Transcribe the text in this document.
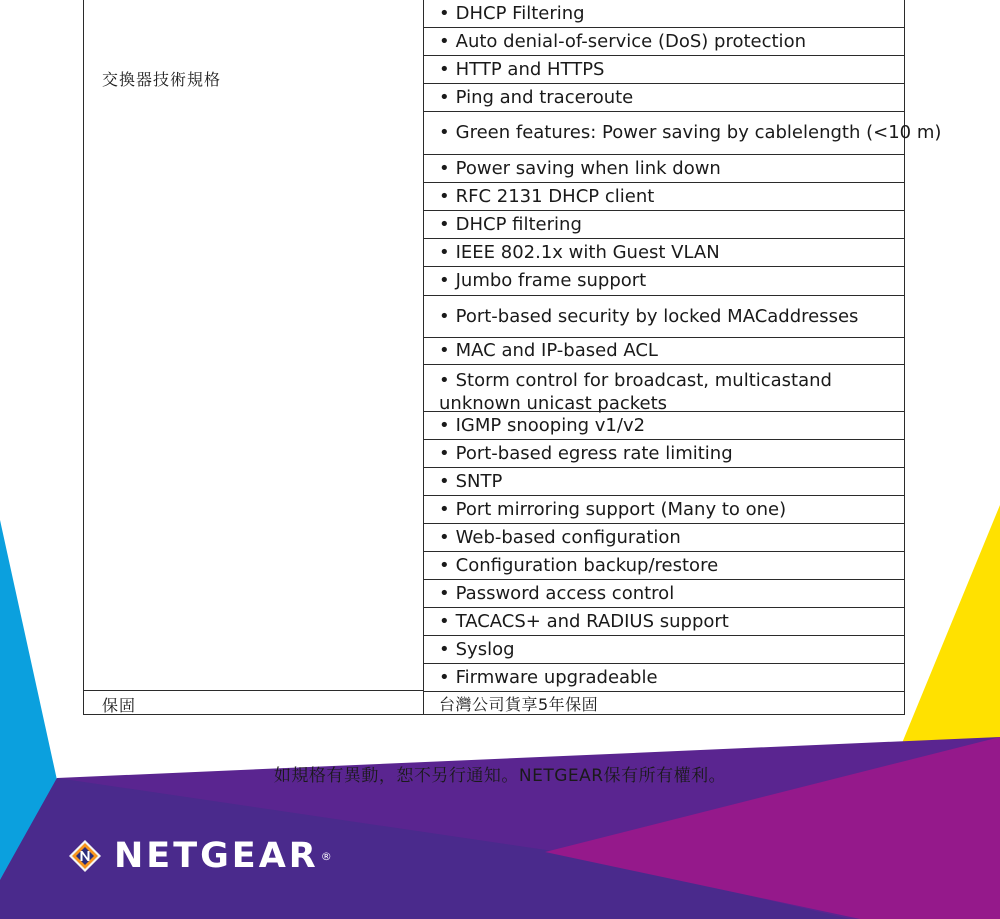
交換器技術規格
保固
• DHCP Filtering
• Auto denial-of-service (DoS) protection
• HTTP and HTTPS
• Ping and traceroute
• Green features: Power saving by cablelength (<10 m)
• Power saving when link down
• RFC 2131 DHCP client
• DHCP filtering
• IEEE 802.1x with Guest VLAN
• Jumbo frame support
• Port-based security by locked MACaddresses
• MAC and IP-based ACL
• Storm control for broadcast, multicastand unknown unicast packets
• IGMP snooping v1/v2
• Port-based egress rate limiting
• SNTP
• Port mirroring support (Many to one)
• Web-based configuration
• Configuration backup/restore
• Password access control
• TACACS+ and RADIUS support
• Syslog
• Firmware upgradeable
台灣公司貨享5年保固
如規格有異動，恕不另行通知。NETGEAR保有所有權利。
NETGEAR ®
